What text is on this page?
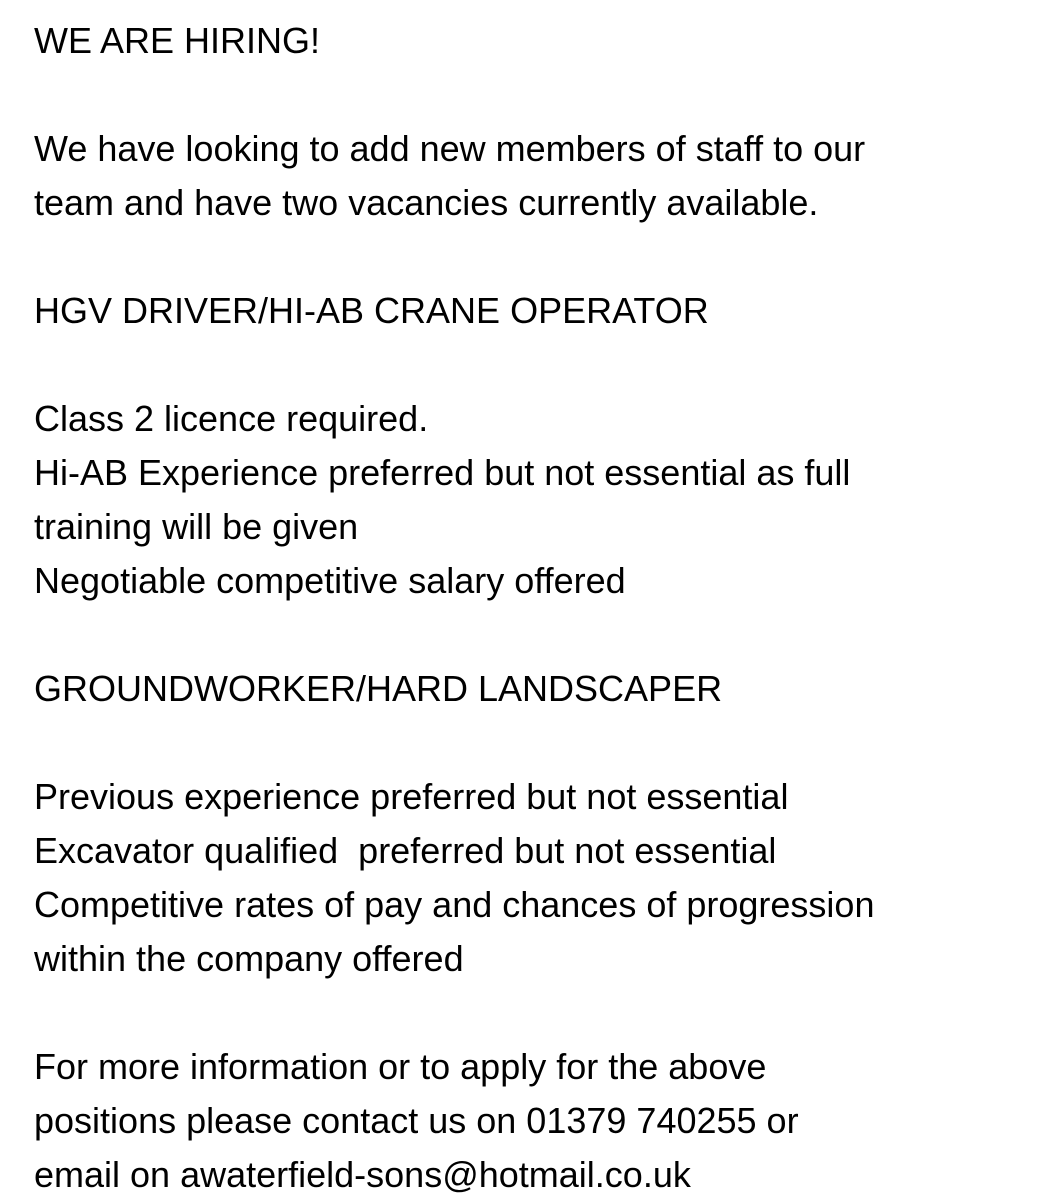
WE ARE HIRING!
We have looking to add new members of staff to our
team and have two vacancies currently available.
HGV DRIVER/HI-AB CRANE OPERATOR
Class 2 licence required.
Hi-AB Experience preferred but not essential as full
training will be given
Negotiable competitive salary offered
GROUNDWORKER/HARD LANDSCAPER
Previous experience preferred but not essential
Excavator qualified  preferred but not essential
Competitive rates of pay and chances of progression
within the company offered
For more information or to apply for the above
positions please contact us on 01379 740255 or
email on awaterfield-sons@hotmail.co.uk
